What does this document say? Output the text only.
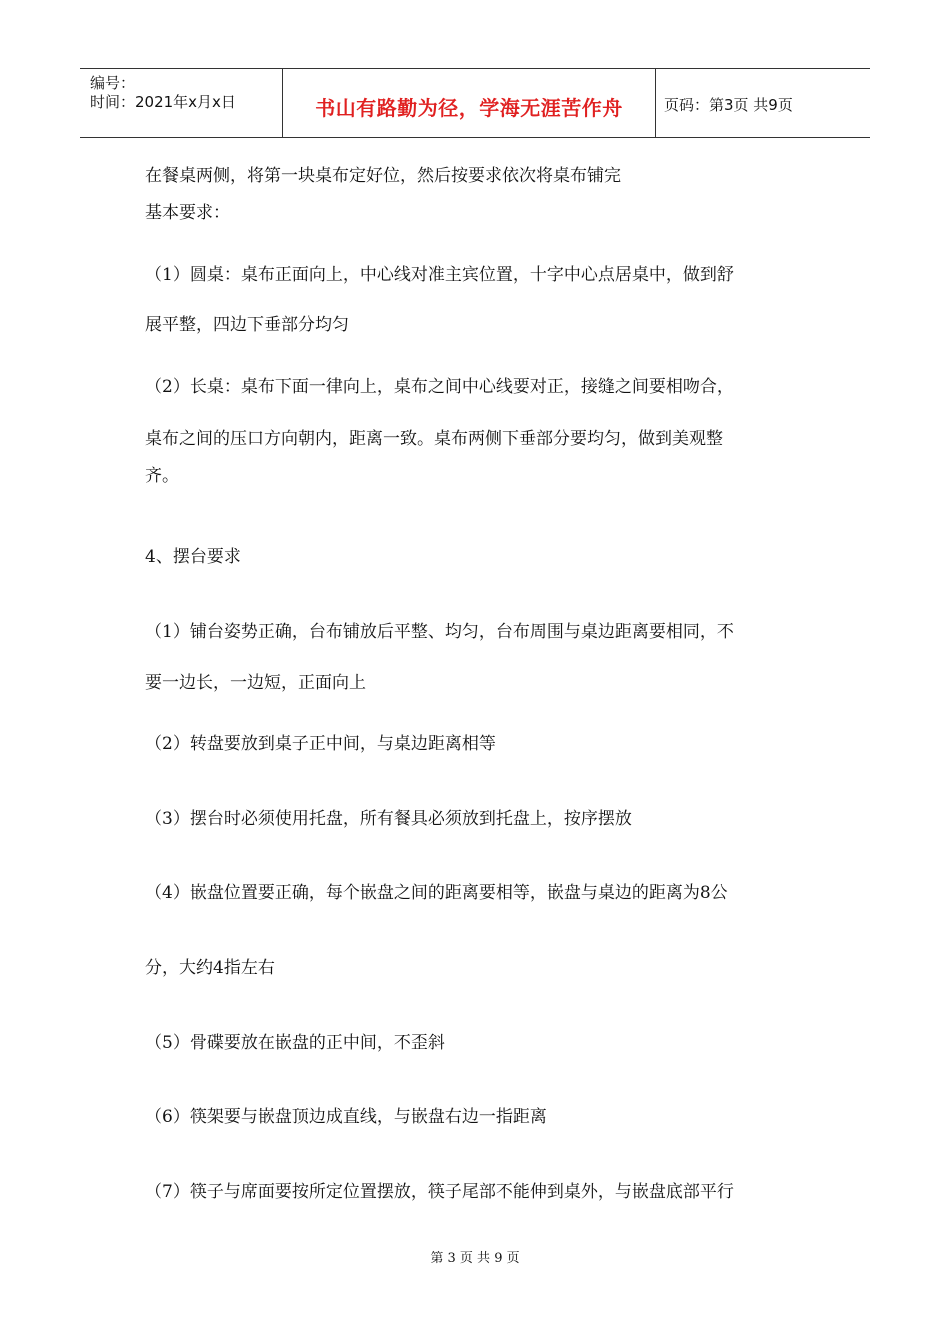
编号：
时间：2021年x月x日	书山有路勤为径，学海无涯苦作舟	页码：第3页 共9页
在餐桌两侧，将第一块桌布定好位，然后按要求依次将桌布铺完
基本要求：
（1）圆桌：桌布正面向上，中心线对准主宾位置，十字中心点居桌中，做到舒
展平整，四边下垂部分均匀
（2）长桌：桌布下面一律向上，桌布之间中心线要对正，接缝之间要相吻合，
桌布之间的压口方向朝内，距离一致。桌布两侧下垂部分要均匀，做到美观整
齐。
4、摆台要求
（1）铺台姿势正确，台布铺放后平整、均匀，台布周围与桌边距离要相同，不
要一边长，一边短，正面向上
（2）转盘要放到桌子正中间，与桌边距离相等
（3）摆台时必须使用托盘，所有餐具必须放到托盘上，按序摆放
（4）嵌盘位置要正确，每个嵌盘之间的距离要相等，嵌盘与桌边的距离为8公
分，大约4指左右
（5）骨碟要放在嵌盘的正中间，不歪斜
（6）筷架要与嵌盘顶边成直线，与嵌盘右边一指距离
（7）筷子与席面要按所定位置摆放，筷子尾部不能伸到桌外，与嵌盘底部平行
第 3 页 共 9 页
